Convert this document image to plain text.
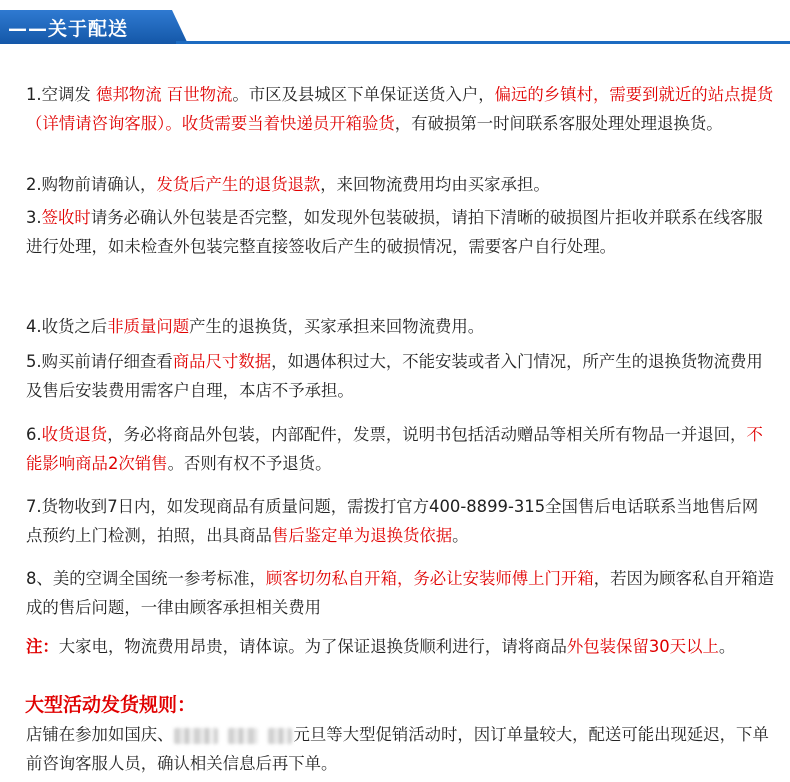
——关于配送

1.空调发 德邦物流 百世物流。市区及县城区下单保证送货入户，偏远的乡镇村，需要到就近的站点提货（详情请咨询客服）。收货需要当着快递员开箱验货，有破损第一时间联系客服处理处理退换货。

2.购物前请确认，发货后产生的退货退款，来回物流费用均由买家承担。

3.签收时请务必确认外包装是否完整，如发现外包装破损，请拍下清晰的破损图片拒收并联系在线客服进行处理，如未检查外包装完整直接签收后产生的破损情况，需要客户自行处理。

4.收货之后非质量问题产生的退换货，买家承担来回物流费用。

5.购买前请仔细查看商品尺寸数据，如遇体积过大，不能安装或者入门情况，所产生的退换货物流费用及售后安装费用需客户自理，本店不予承担。

6.收货退货，务必将商品外包装，内部配件，发票，说明书包括活动赠品等相关所有物品一并退回，不能影响商品2次销售。否则有权不予退货。

7.货物收到7日内，如发现商品有质量问题，需拨打官方400-8899-315全国售后电话联系当地售后网点预约上门检测，拍照，出具商品售后鉴定单为退换货依据。

8、美的空调全国统一参考标准，顾客切勿私自开箱，务必让安装师傅上门开箱，若因为顾客私自开箱造成的售后问题，一律由顾客承担相关费用

注：大家电，物流费用昂贵，请体谅。为了保证退换货顺利进行，请将商品外包装保留30天以上。

大型活动发货规则：

店铺在参加如国庆、	元旦等大型促销活动时，因订单量较大，配送可能出现延迟，下单前咨询客服人员，确认相关信息后再下单。
